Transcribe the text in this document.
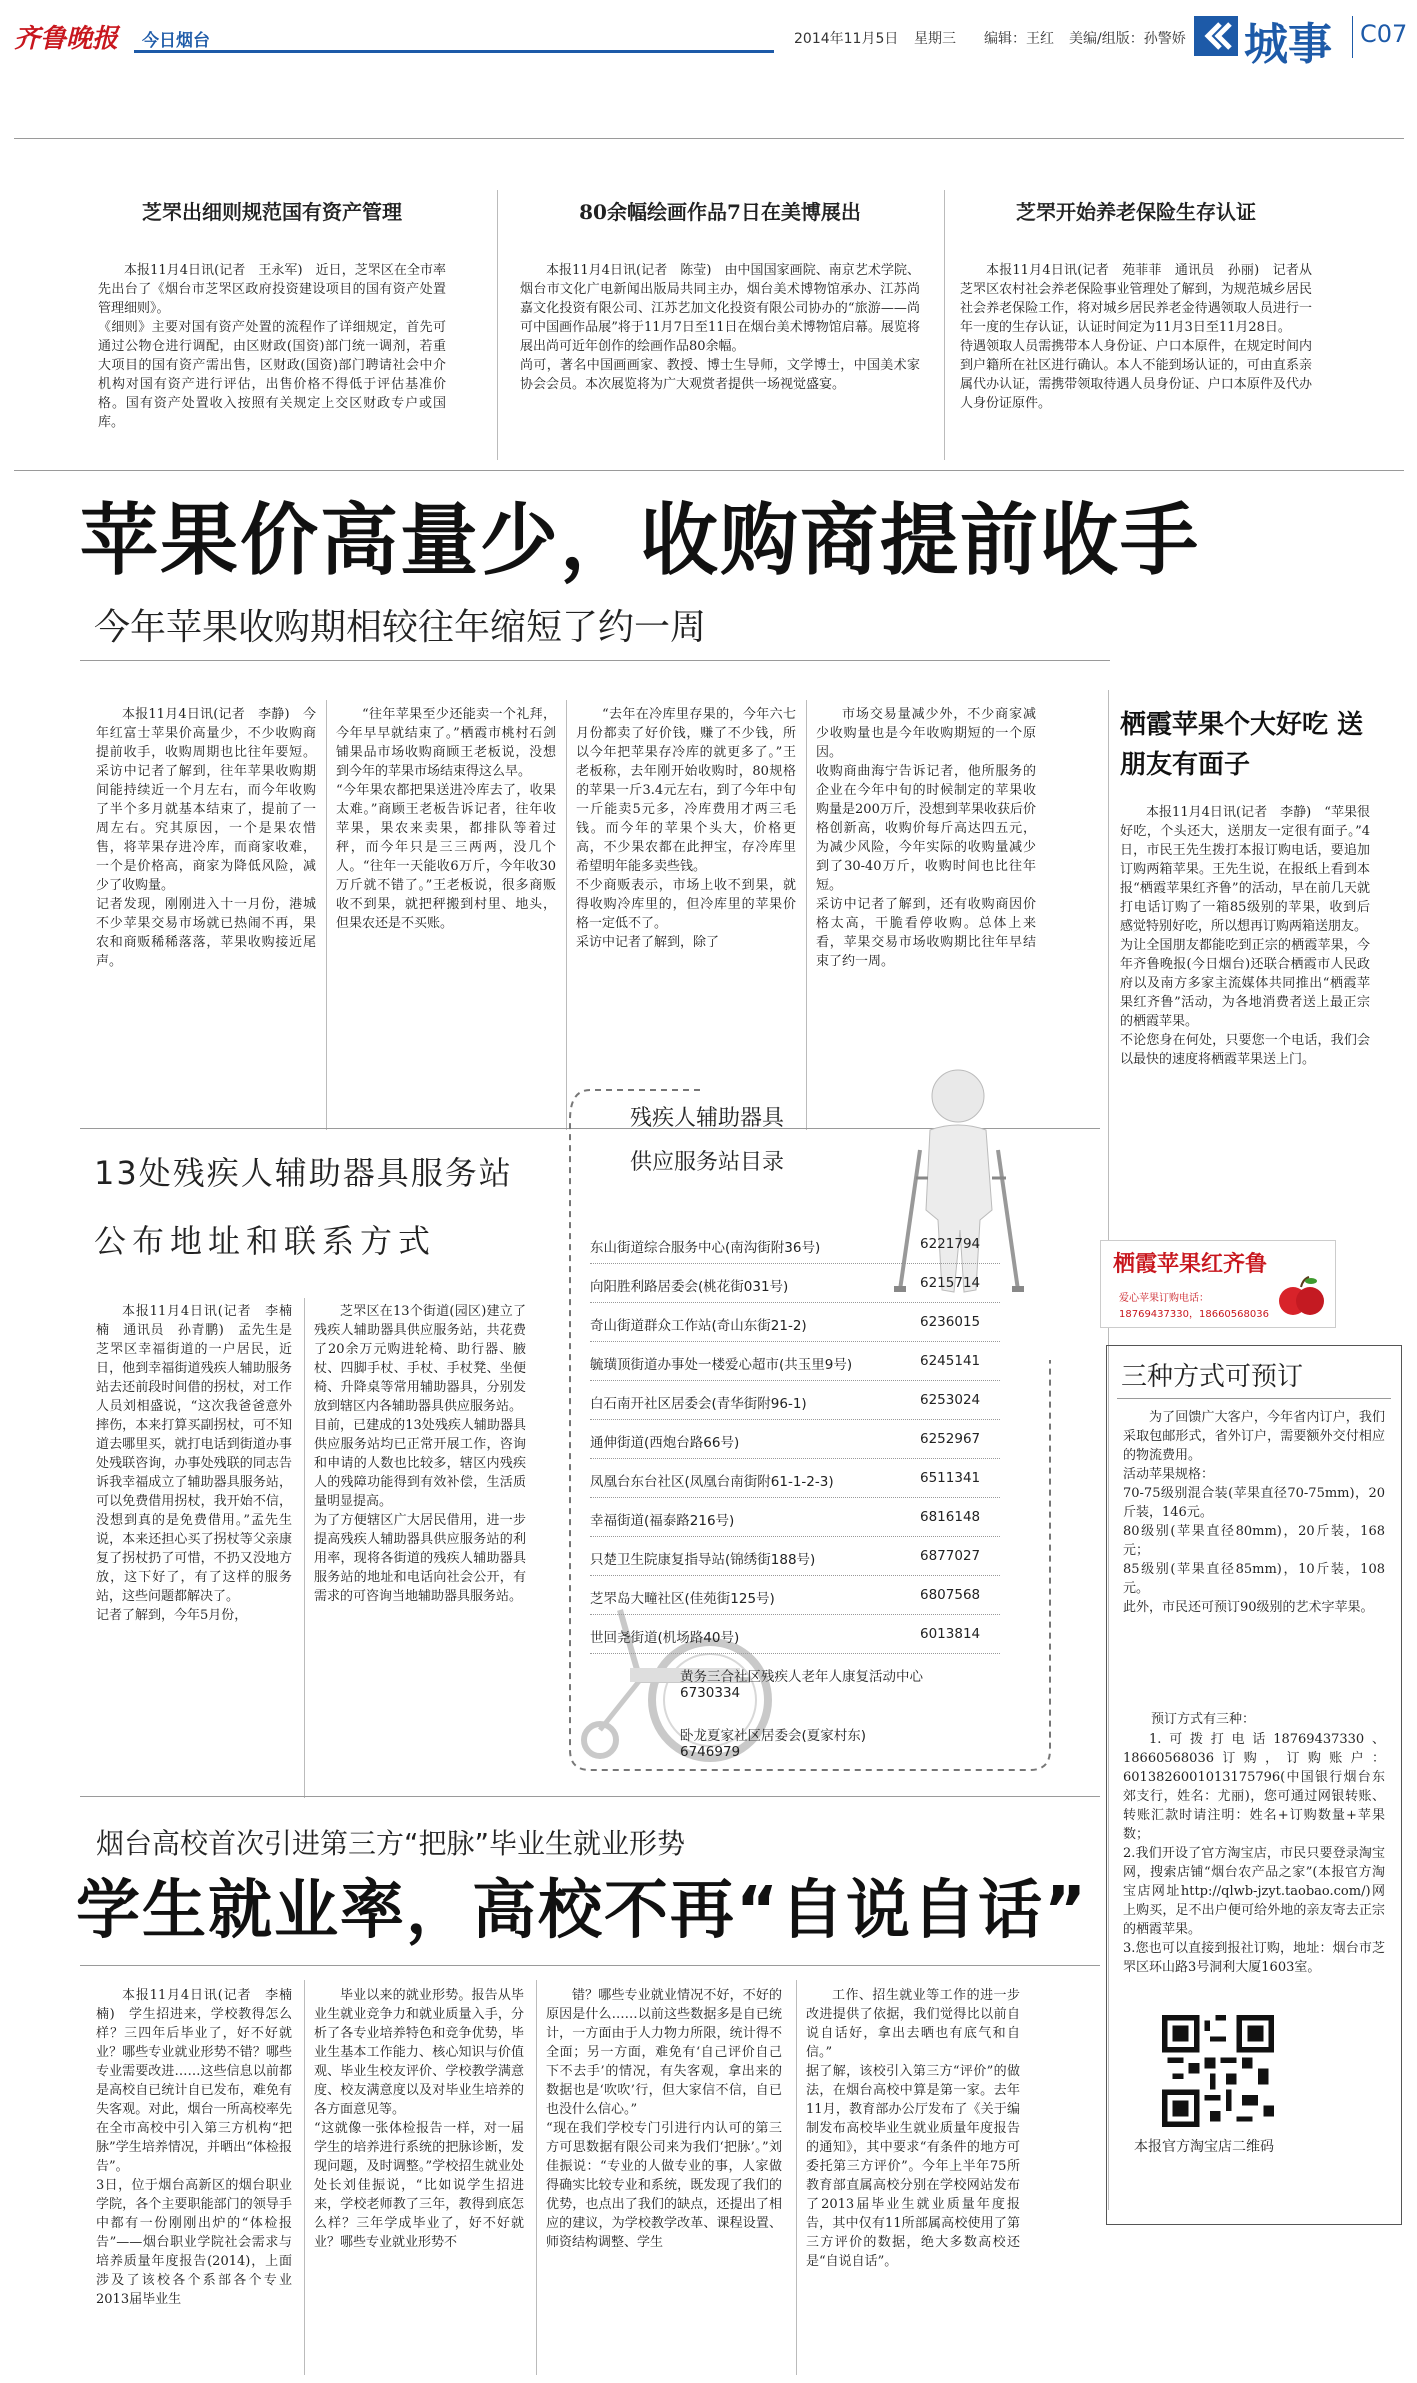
齐鲁晚报 今日烟台	2014年11月5日 星期三 编辑：王红 美编/组版：孙警娇 城事 C07
芝罘出细则规范国有资产管理
本报11月4日讯(记者　王永军)　近日，芝罘区在全市率先出台了《烟台市芝罘区政府投资建设项目的国有资产处置管理细则》。
《细则》主要对国有资产处置的流程作了详细规定，首先可通过公物仓进行调配，由区财政(国资)部门统一调剂，若重大项目的国有资产需出售，区财政(国资)部门聘请社会中介机构对国有资产进行评估，出售价格不得低于评估基准价格。国有资产处置收入按照有关规定上交区财政专户或国库。
80余幅绘画作品7日在美博展出
本报11月4日讯(记者　陈莹)　由中国国家画院、南京艺术学院、烟台市文化广电新闻出版局共同主办，烟台美术博物馆承办、江苏尚嘉文化投资有限公司、江苏艺加文化投资有限公司协办的“旅游——尚可中国画作品展”将于11月7日至11日在烟台美术博物馆启幕。展览将展出尚可近年创作的绘画作品80余幅。
尚可，著名中国画画家、教授、博士生导师，文学博士，中国美术家协会会员。本次展览将为广大观赏者提供一场视觉盛宴。
芝罘开始养老保险生存认证
本报11月4日讯(记者　苑菲菲　通讯员　孙丽)　记者从芝罘区农村社会养老保险事业管理处了解到，为规范城乡居民社会养老保险工作，将对城乡居民养老金待遇领取人员进行一年一度的生存认证，认证时间定为11月3日至11月28日。
待遇领取人员需携带本人身份证、户口本原件，在规定时间内到户籍所在社区进行确认。本人不能到场认证的，可由直系亲属代办认证，需携带领取待遇人员身份证、户口本原件及代办人身份证原件。
苹果价高量少，收购商提前收手
今年苹果收购期相较往年缩短了约一周
本报11月4日讯(记者　李静)　今年红富士苹果价高量少，不少收购商提前收手，收购周期也比往年要短。采访中记者了解到，往年苹果收购期间能持续近一个月左右，而今年收购了半个多月就基本结束了，提前了一周左右。究其原因，一个是果农惜售，将苹果存进冷库，而商家收难，一个是价格高，商家为降低风险，减少了收购量。
记者发现，刚刚进入十一月份，港城不少苹果交易市场就已热闹不再，果农和商贩稀稀落落，苹果收购接近尾声。
“往年苹果至少还能卖一个礼拜，今年早早就结束了。”栖霞市桃村石剑铺果品市场收购商顾王老板说，没想到今年的苹果市场结束得这么早。
“今年果农都把果送进冷库去了，收果太难。”商顾王老板告诉记者，往年收苹果，果农来卖果，都排队等着过秤，而今年只是三三两两，没几个人。“往年一天能收6万斤，今年收30万斤就不错了。”王老板说，很多商贩收不到果，就把秤搬到村里、地头，但果农还是不买账。
“去年在冷库里存果的，今年六七月份都卖了好价钱，赚了不少钱，所以今年把苹果存冷库的就更多了。”王老板称，去年刚开始收购时，80规格的苹果一斤3.4元左右，到了今年中旬一斤能卖5元多，冷库费用才两三毛钱。而今年的苹果个头大，价格更高，不少果农都在此押宝，存冷库里希望明年能多卖些钱。
不少商贩表示，市场上收不到果，就得收购冷库里的，但冷库里的苹果价格一定低不了。
采访中记者了解到，除了
市场交易量减少外，不少商家减少收购量也是今年收购期短的一个原因。
收购商曲海宁告诉记者，他所服务的企业在今年中旬的时候制定的苹果收购量是200万斤，没想到苹果收获后价格创新高，收购价每斤高达四五元，为减少风险，今年实际的收购量减少到了30-40万斤，收购时间也比往年短。
采访中记者了解到，还有收购商因价格太高，干脆看停收购。总体上来看，苹果交易市场收购期比往年早结束了约一周。
栖霞苹果个大好吃 送朋友有面子
本报11月4日讯(记者　李静)　“苹果很好吃，个头还大，送朋友一定很有面子。”4日，市民王先生拨打本报订购电话，要追加订购两箱苹果。王先生说，在报纸上看到本报“栖霞苹果红齐鲁”的活动，早在前几天就打电话订购了一箱85级别的苹果，收到后感觉特别好吃，所以想再订购两箱送朋友。
为让全国朋友都能吃到正宗的栖霞苹果，今年齐鲁晚报(今日烟台)还联合栖霞市人民政府以及南方多家主流媒体共同推出“栖霞苹果红齐鲁”活动，为各地消费者送上最正宗的栖霞苹果。
不论您身在何处，只要您一个电话，我们会以最快的速度将栖霞苹果送上门。
栖霞苹果红齐鲁
爱心苹果订购电话：
18769437330，18660568036
三种方式可预订
为了回馈广大客户，今年省内订户，我们采取包邮形式，省外订户，需要额外交付相应的物流费用。
活动苹果规格：
70-75级别混合装(苹果直径70-75mm)，20斤装，146元。
80级别(苹果直径80mm)，20斤装，168元；
85级别(苹果直径85mm)，10斤装，108元。
此外，市民还可预订90级别的艺术字苹果。
预订方式有三种：
1.可拨打电话18769437330、18660568036订购，订购账户：6013826001013175796(中国银行烟台东郊支行，姓名：尤丽)，您可通过网银转账、转账汇款时请注明：姓名+订购数量+苹果数；
2.我们开设了官方淘宝店，市民只要登录淘宝网，搜索店铺“烟台农产品之家”(本报官方淘宝店网址http://qlwb-jzyt.taobao.com/)网上购买，足不出户便可给外地的亲友寄去正宗的栖霞苹果。
3.您也可以直接到报社订购，地址：烟台市芝罘区环山路3号洞利大厦1603室。
本报官方淘宝店二维码
13处残疾人辅助器具服务站
公布地址和联系方式
本报11月4日讯(记者　李楠楠　通讯员　孙青鹏)　孟先生是芝罘区幸福街道的一户居民，近日，他到幸福街道残疾人辅助服务站去还前段时间借的拐杖，对工作人员刘相盛说，“这次我爸爸意外摔伤，本来打算买副拐杖，可不知道去哪里买，就打电话到街道办事处残联咨询，办事处残联的同志告诉我幸福成立了辅助器具服务站，可以免费借用拐杖，我开始不信，没想到真的是免费借用。”孟先生说，本来还担心买了拐杖等父亲康复了拐杖扔了可惜，不扔又没地方放，这下好了，有了这样的服务站，这些问题都解决了。
记者了解到，今年5月份，
芝罘区在13个街道(园区)建立了残疾人辅助器具供应服务站，共花费了20余万元购进轮椅、助行器、腋杖、四脚手杖、手杖、手杖凳、坐便椅、升降桌等常用辅助器具，分别发放到辖区内各辅助器具供应服务站。
目前，已建成的13处残疾人辅助器具供应服务站均已正常开展工作，咨询和申请的人数也比较多，辖区内残疾人的残障功能得到有效补偿，生活质量明显提高。
为了方便辖区广大居民借用，进一步提高残疾人辅助器具供应服务站的利用率，现将各街道的残疾人辅助器具服务站的地址和电话向社会公开，有需求的可咨询当地辅助器具服务站。
残疾人辅助器具
供应服务站目录
东山街道综合服务中心(南沟街附36号)	6221794
向阳胜利路居委会(桃花街031号)	6215714
奇山街道群众工作站(奇山东街21-2)	6236015
毓璜顶街道办事处一楼爱心超市(共玉里9号)	6245141
白石南开社区居委会(青华街附96-1)	6253024
通伸街道(西炮台路66号)	6252967
凤凰台东台社区(凤凰台南街附61-1-2-3)	6511341
幸福街道(福泰路216号)	6816148
只楚卫生院康复指导站(锦绣街188号)	6877027
芝罘岛大疃社区(佳苑街125号)	6807568
世回尧街道(机场路40号)	6013814
黄务三合社区残疾人老年人康复活动中心
6730334
卧龙夏家社区居委会(夏家村东)
6746979
烟台高校首次引进第三方“把脉”毕业生就业形势
学生就业率，高校不再“自说自话”
本报11月4日讯(记者　李楠楠)　学生招进来，学校教得怎么样？三四年后毕业了，好不好就业？哪些专业就业形势不错？哪些专业需要改进……这些信息以前都是高校自已统计自已发布，难免有失客观。对此，烟台一所高校率先在全市高校中引入第三方机构“把脉”学生培养情况，并晒出“体检报告”。
3日，位于烟台高新区的烟台职业学院，各个主要职能部门的领导手中都有一份刚刚出炉的“体检报告”——烟台职业学院社会需求与培养质量年度报告(2014)，上面涉及了该校各个系部各个专业2013届毕业生
毕业以来的就业形势。报告从毕业生就业竞争力和就业质量入手，分析了各专业培养特色和竞争优势，毕业生基本工作能力、核心知识与价值观、毕业生校友评价、学校教学满意度、校友满意度以及对毕业生培养的各方面意见等。
“这就像一张体检报告一样，对一届学生的培养进行系统的把脉诊断，发现问题，及时调整。”学校招生就业处处长刘佳振说，“比如说学生招进来，学校老师教了三年，教得到底怎么样？三年学成毕业了，好不好就业？哪些专业就业形势不
错？哪些专业就业情况不好，不好的原因是什么……以前这些数据多是自已统计，一方面由于人力物力所限，统计得不全面；另一方面，难免有‘自己评价自己下不去手’的情况，有失客观，拿出来的数据也是‘吹吹’行，但大家信不信，自已也没什么信心。”
“现在我们学校专门引进行内认可的第三方可思数据有限公司来为我们‘把脉’。”刘佳振说：“专业的人做专业的事，人家做得确实比较专业和系统，既发现了我们的优势，也点出了我们的缺点，还提出了相应的建议，为学校教学改革、课程设置、师资结构调整、学生
工作、招生就业等工作的进一步改进提供了依据，我们觉得比以前自说自话好，拿出去晒也有底气和自信。”
据了解，该校引入第三方“评价”的做法，在烟台高校中算是第一家。去年11月，教育部办公厅发布了《关于编制发布高校毕业生就业质量年度报告的通知》，其中要求“有条件的地方可委托第三方评价”。今年上半年75所教育部直属高校分别在学校网站发布了2013届毕业生就业质量年度报告，其中仅有11所部属高校使用了第三方评价的数据，绝大多数高校还是“自说自话”。
